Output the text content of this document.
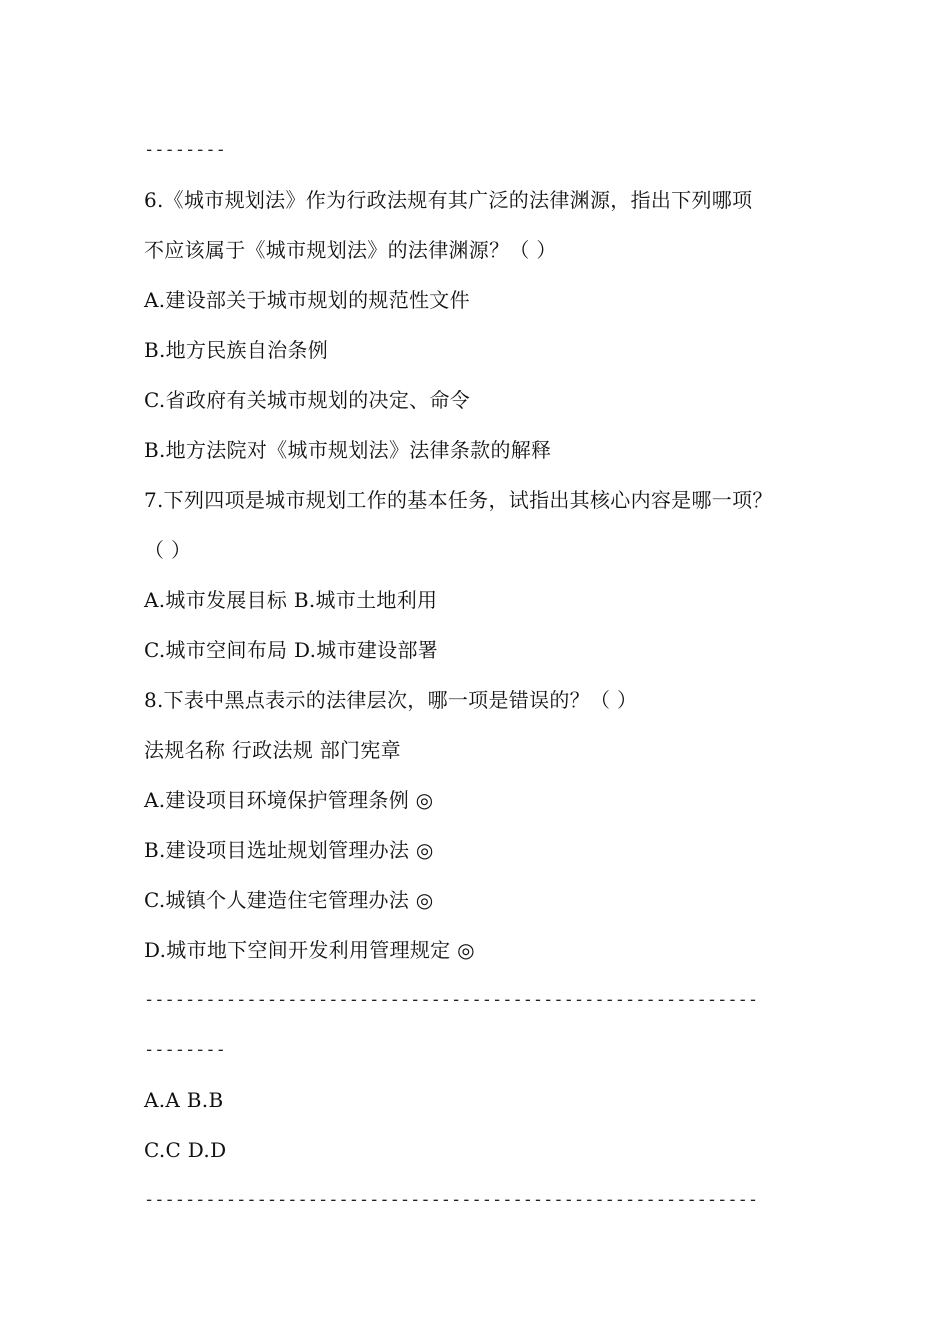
--------
6.《城市规划法》作为行政法规有其广泛的法律渊源，指出下列哪项
不应该属于《城市规划法》的法律渊源？（ ）
A.建设部关于城市规划的规范性文件
B.地方民族自治条例
C.省政府有关城市规划的决定、命令
B.地方法院对《城市规划法》法律条款的解释
7.下列四项是城市规划工作的基本任务，试指出其核心内容是哪一项？
（ ）
A.城市发展目标 B.城市土地利用
C.城市空间布局 D.城市建设部署
8.下表中黑点表示的法律层次，哪一项是错误的？（ ）
法规名称 行政法规 部门宪章
A.建设项目环境保护管理条例 ◎
B.建设项目选址规划管理办法 ◎
C.城镇个人建造住宅管理办法 ◎
D.城市地下空间开发利用管理规定 ◎
------------------------------------------------------------
--------
A.A B.B
C.C D.D
------------------------------------------------------------
